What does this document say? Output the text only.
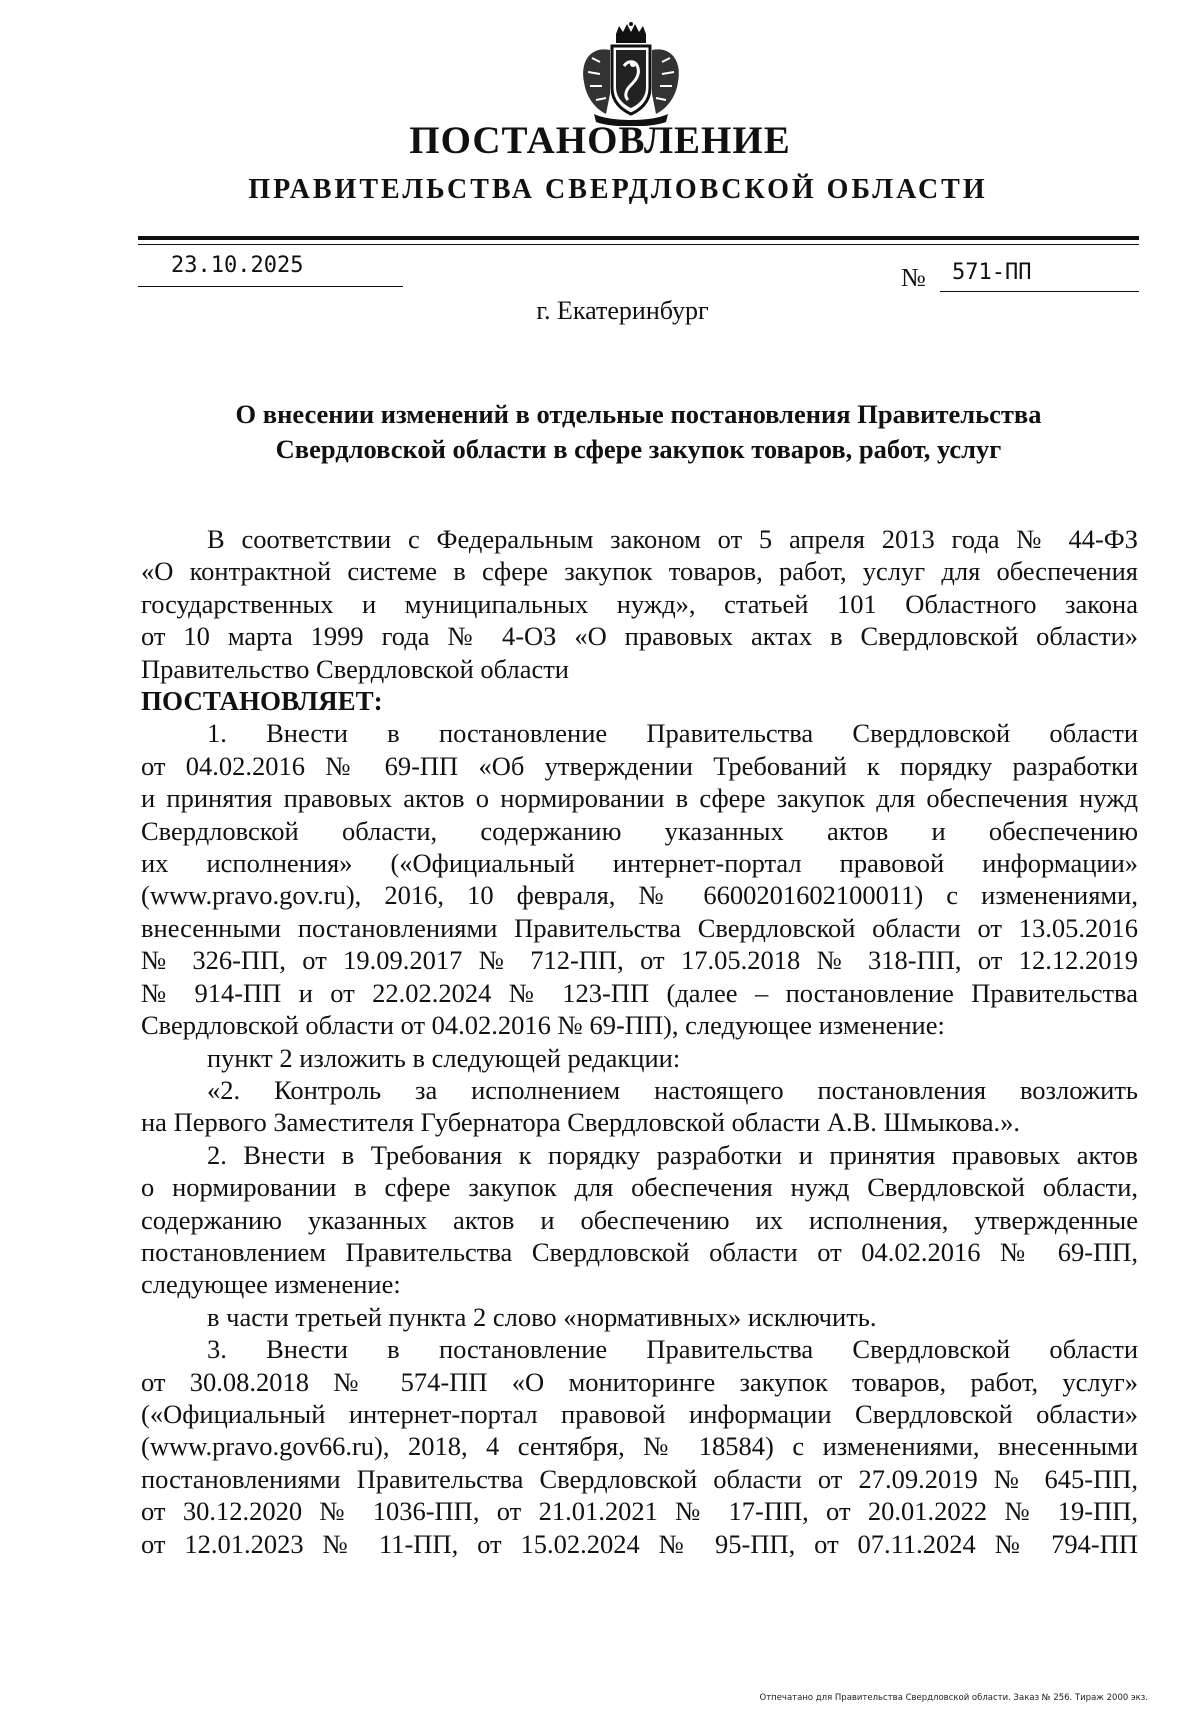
ПОСТАНОВЛЕНИЕ
ПРАВИТЕЛЬСТВА СВЕРДЛОВСКОЙ ОБЛАСТИ
23.10.2025	№	571-ПП
г. Екатеринбург
О внесении изменений в отдельные постановления Правительства
Свердловской области в сфере закупок товаров, работ, услуг
В соответствии с Федеральным законом от 5 апреля 2013 года № 44-ФЗ
«О контрактной системе в сфере закупок товаров, работ, услуг для обеспечения
государственных и муниципальных нужд», статьей 101 Областного закона
от 10 марта 1999 года № 4-ОЗ «О правовых актах в Свердловской области»
Правительство Свердловской области
ПОСТАНОВЛЯЕТ:
1. Внести в постановление Правительства Свердловской области
от 04.02.2016 № 69-ПП «Об утверждении Требований к порядку разработки
и принятия правовых актов о нормировании в сфере закупок для обеспечения нужд
Свердловской области, содержанию указанных актов и обеспечению
их исполнения» («Официальный интернет-портал правовой информации»
(www.pravo.gov.ru), 2016, 10 февраля, № 6600201602100011) с изменениями,
внесенными постановлениями Правительства Свердловской области от 13.05.2016
№ 326-ПП, от 19.09.2017 № 712-ПП, от 17.05.2018 № 318-ПП, от 12.12.2019
№ 914-ПП и от 22.02.2024 № 123-ПП (далее – постановление Правительства
Свердловской области от 04.02.2016 № 69-ПП), следующее изменение:
пункт 2 изложить в следующей редакции:
«2. Контроль за исполнением настоящего постановления возложить
на Первого Заместителя Губернатора Свердловской области А.В. Шмыкова.».
2. Внести в Требования к порядку разработки и принятия правовых актов
о нормировании в сфере закупок для обеспечения нужд Свердловской области,
содержанию указанных актов и обеспечению их исполнения, утвержденные
постановлением Правительства Свердловской области от 04.02.2016 № 69-ПП,
следующее изменение:
в части третьей пункта 2 слово «нормативных» исключить.
3. Внести в постановление Правительства Свердловской области
от 30.08.2018 № 574-ПП «О мониторинге закупок товаров, работ, услуг»
(«Официальный интернет-портал правовой информации Свердловской области»
(www.pravo.gov66.ru), 2018, 4 сентября, № 18584) с изменениями, внесенными
постановлениями Правительства Свердловской области от 27.09.2019 № 645-ПП,
от 30.12.2020 № 1036-ПП, от 21.01.2021 № 17-ПП, от 20.01.2022 № 19-ПП,
от 12.01.2023 № 11-ПП, от 15.02.2024 № 95-ПП, от 07.11.2024 № 794-ПП
Отпечатано для Правительства Свердловской области. Заказ № 256. Тираж 2000 экз.
